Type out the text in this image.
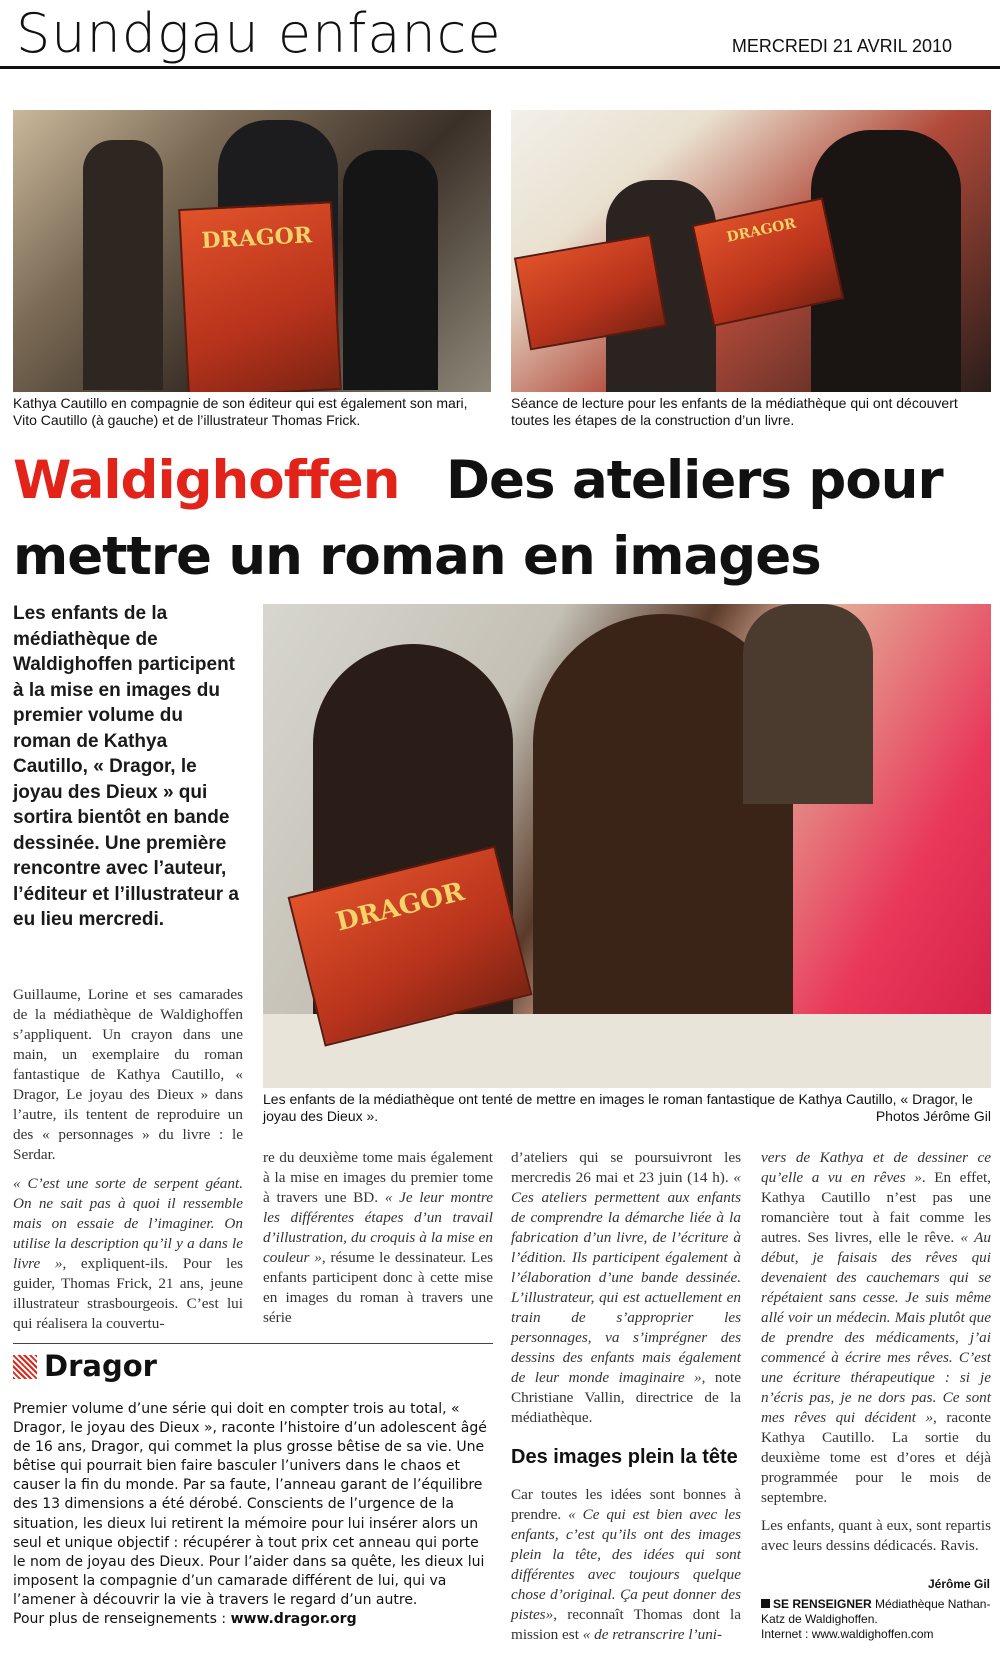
Sundgau enfance	MERCREDI 21 AVRIL 2010
DRAGOR
Kathya Cautillo en compagnie de son éditeur qui est également son mari, Vito Cautillo (à gauche) et de l’illustrateur Thomas Frick.
DRAGOR
Séance de lecture pour les enfants de la médiathèque qui ont découvert toutes les étapes de la construction d’un livre.
Waldighoffen Des ateliers pour
mettre un roman en images
Les enfants de la médiathèque de Waldighoffen participent à la mise en images du premier volume du roman de Kathya Cautillo, « Dragor, le joyau des Dieux » qui sortira bientôt en bande dessinée. Une première rencontre avec l’auteur, l’éditeur et l’illustrateur a eu lieu mercredi.	DRAGOR
Les enfants de la médiathèque ont tenté de mettre en images le roman fantastique de Kathya Cautillo, « Dragor, le joyau des Dieux ».	Photos Jérôme Gil

Guillaume, Lorine et ses camarades de la médiathèque de Waldighoffen s’appliquent. Un crayon dans une main, un exemplaire du roman fantastique de Kathya Cautillo, « Dragor, Le joyau des Dieux » dans l’autre, ils tentent de reproduire un des « personnages » du livre : le Serdar.

« C’est une sorte de serpent géant. On ne sait pas à quoi il ressemble mais on essaie de l’imaginer. On utilise la description qu’il y a dans le livre », expliquent-ils. Pour les guider, Thomas Frick, 21 ans, jeune illustrateur strasbourgeois. C’est lui qui réalisera la couvertu-

re du deuxième tome mais également à la mise en images du premier tome à travers une BD. « Je leur montre les différentes étapes d’un travail d’illustration, du croquis à la mise en couleur », résume le dessinateur. Les enfants participent donc à cette mise en images du roman à travers une série

d’ateliers qui se poursuivront les mercredis 26 mai et 23 juin (14 h). « Ces ateliers permettent aux enfants de comprendre la démarche liée à la fabrication d’un livre, de l’écriture à l’édition. Ils participent également à l’élaboration d’une bande dessinée. L’illustrateur, qui est actuellement en train de s’approprier les personnages, va s’imprégner des dessins des enfants mais également de leur monde imaginaire », note Christiane Vallin, directrice de la médiathèque.

Des images plein la tête

Car toutes les idées sont bonnes à prendre. « Ce qui est bien avec les enfants, c’est qu’ils ont des images plein la tête, des idées qui sont différentes avec toujours quelque chose d’original. Ça peut donner des pistes», reconnaît Thomas dont la mission est « de retranscrire l’uni-

vers de Kathya et de dessiner ce qu’elle a vu en rêves ». En effet, Kathya Cautillo n’est pas une romancière tout à fait comme les autres. Ses livres, elle le rêve. « Au début, je faisais des rêves qui devenaient des cauchemars qui se répétaient sans cesse. Je suis même allé voir un médecin. Mais plutôt que de prendre des médicaments, j’ai commencé à écrire mes rêves. C’est une écriture thérapeutique : si je n’écris pas, je ne dors pas. Ce sont mes rêves qui décident », raconte Kathya Cautillo. La sortie du deuxième tome est d’ores et déjà programmée pour le mois de septembre.

Les enfants, quant à eux, sont repartis avec leurs dessins dédicacés. Ravis.

Jérôme Gil
Dragor

Premier volume d’une série qui doit en compter trois au total, « Dragor, le joyau des Dieux », raconte l’histoire d’un adolescent âgé de 16 ans, Dragor, qui commet la plus grosse bêtise de sa vie. Une bêtise qui pourrait bien faire basculer l’univers dans le chaos et causer la fin du monde. Par sa faute, l’anneau garant de l’équilibre des 13 dimensions a été dérobé. Conscients de l’urgence de la situation, les dieux lui retirent la mémoire pour lui insérer alors un seul et unique objectif : récupérer à tout prix cet anneau qui porte le nom de joyau des Dieux. Pour l’aider dans sa quête, les dieux lui imposent la compagnie d’un camarade différent de lui, qui va l’amener à découvrir la vie à travers le regard d’un autre.

Pour plus de renseignements : www.dragor.org

SE RENSEIGNER Médiathèque Nathan-Katz de Waldighoffen.
Internet : www.waldighoffen.com
